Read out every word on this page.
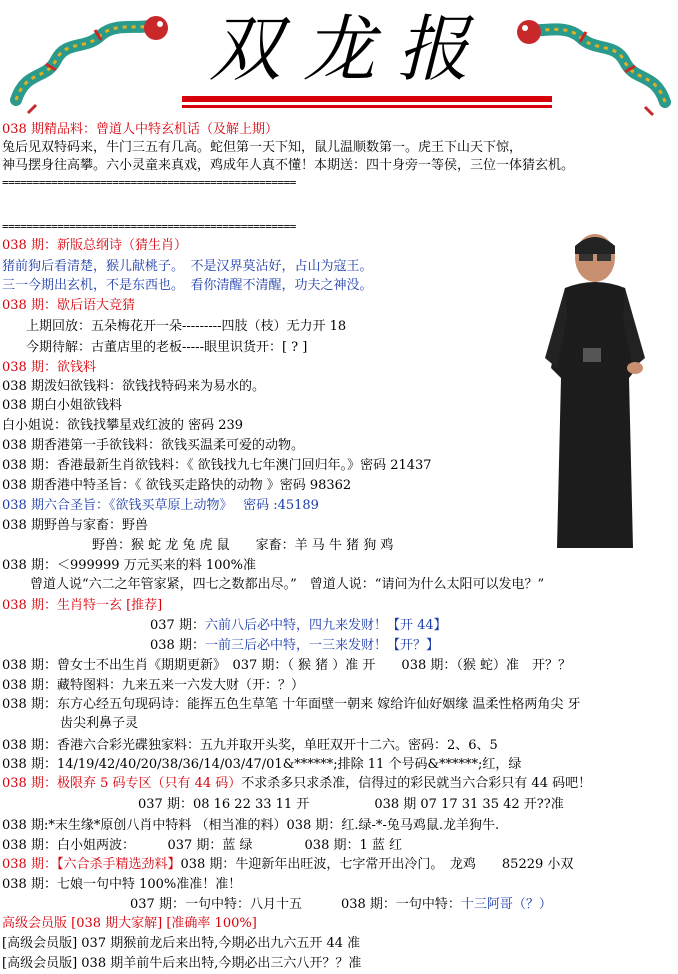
双龙报
038 期精品料：曾道人中特玄机话（及解上期）
兔后见双特码来，牛门三五有几高。蛇但第一天下知，鼠儿温顺数第一。虎王下山天下惊，
神马摆身往高攀。六小灵童来真戏，鸡成年人真不懂！本期送：四十身旁一等侯，三位一体猜玄机。
================================================
================================================
038 期：新版总纲诗（猜生肖）
猪前狗后看清楚，猴儿献桃子。　不是汉界莫沾好，占山为寇王。
三一今期出玄机，不是东西也。　看你清醒不清醒，功夫之神没。
038 期：歇后语大竞猜
上期回放：五朵梅花开一朵---------四肢（枝）无力开 18
今期待解：古董店里的老板-----眼里识货开：[ ? ]
038 期：欲钱料
038 期泼妇欲钱料：欲钱找特码来为易水的。
038 期白小姐欲钱料
白小姐说：欲钱找攀星戏红波的 密码 239
038 期香港第一手欲钱料：欲钱买温柔可爱的动物。
038 期：香港最新生肖欲钱料：《 欲钱找九七年澳门回归年。》密码 21437
038 期香港中特圣旨：《 欲钱买走路快的动物 》密码 98362
038 期六合圣旨：《欲钱买草原上动物》　 密码 :45189
038 期野兽与家畜：野兽
野兽：猴 蛇 龙 兔 虎 鼠　　家畜：羊 马 牛 猪 狗 鸡
038 期：＜999999 万元买来的料 100%准
曾道人说“六二之年管家紧，四七之数都出尽。”　曾道人说：“请问为什么太阳可以发电？”
038 期：生肖特一玄 [推荐]
037 期：六前八后必中特，四九来发财！【开 44】
038 期：一前三后必中特，一三来发财！【开？】
038 期：曾女士不出生肖《期期更新》　037 期：（ 猴 猪 ）准 开　　038 期：（猴 蛇）准　开？？
038 期：藏特图料：九来五来一六发大财（开：？）
038 期：东方心经五句现码诗：能挥五色生草笔 十年面壁一朝来 嫁给许仙好姻缘 温柔性格两角尖 牙
齿尖利鼻子灵
038 期：香港六合彩光碟独家料：五九并取开头奖，单旺双开十二六。密码：2、6、5
038 期：14/19/42/40/20/38/36/14/03/47/01&******;排除 11 个号码&******;红，绿
038 期：极限弃 5 码专区（只有 44 码）不求杀多只求杀准，信得过的彩民就当六合彩只有 44 码吧！
037 期：08 16 22 33 11 开　　　　　038 期 07 17 31 35 42 开??准
038 期:*末生缘*原创八肖中特料 （相当准的料）038 期：红.绿-*-兔马鸡鼠.龙羊狗牛.
038 期：白小姐两波：　　　037 期：蓝 绿　　　　038 期：1 蓝 红
038 期：【六合杀手精选劲料】038 期：牛迎新年出旺波，七字常开出冷门。　龙鸡　　85229 小双
038 期：七娘一句中特 100%准准！准！
037 期：一句中特：八月十五　　　038 期：一句中特：十三阿哥（？）
高级会员版 [038 期大家解] [准确率 100%]
[高级会员版] 037 期猴前龙后来出特,今期必出九六五开 44 准
[高级会员版] 038 期羊前牛后来出特,今期必出三六八开？？准
